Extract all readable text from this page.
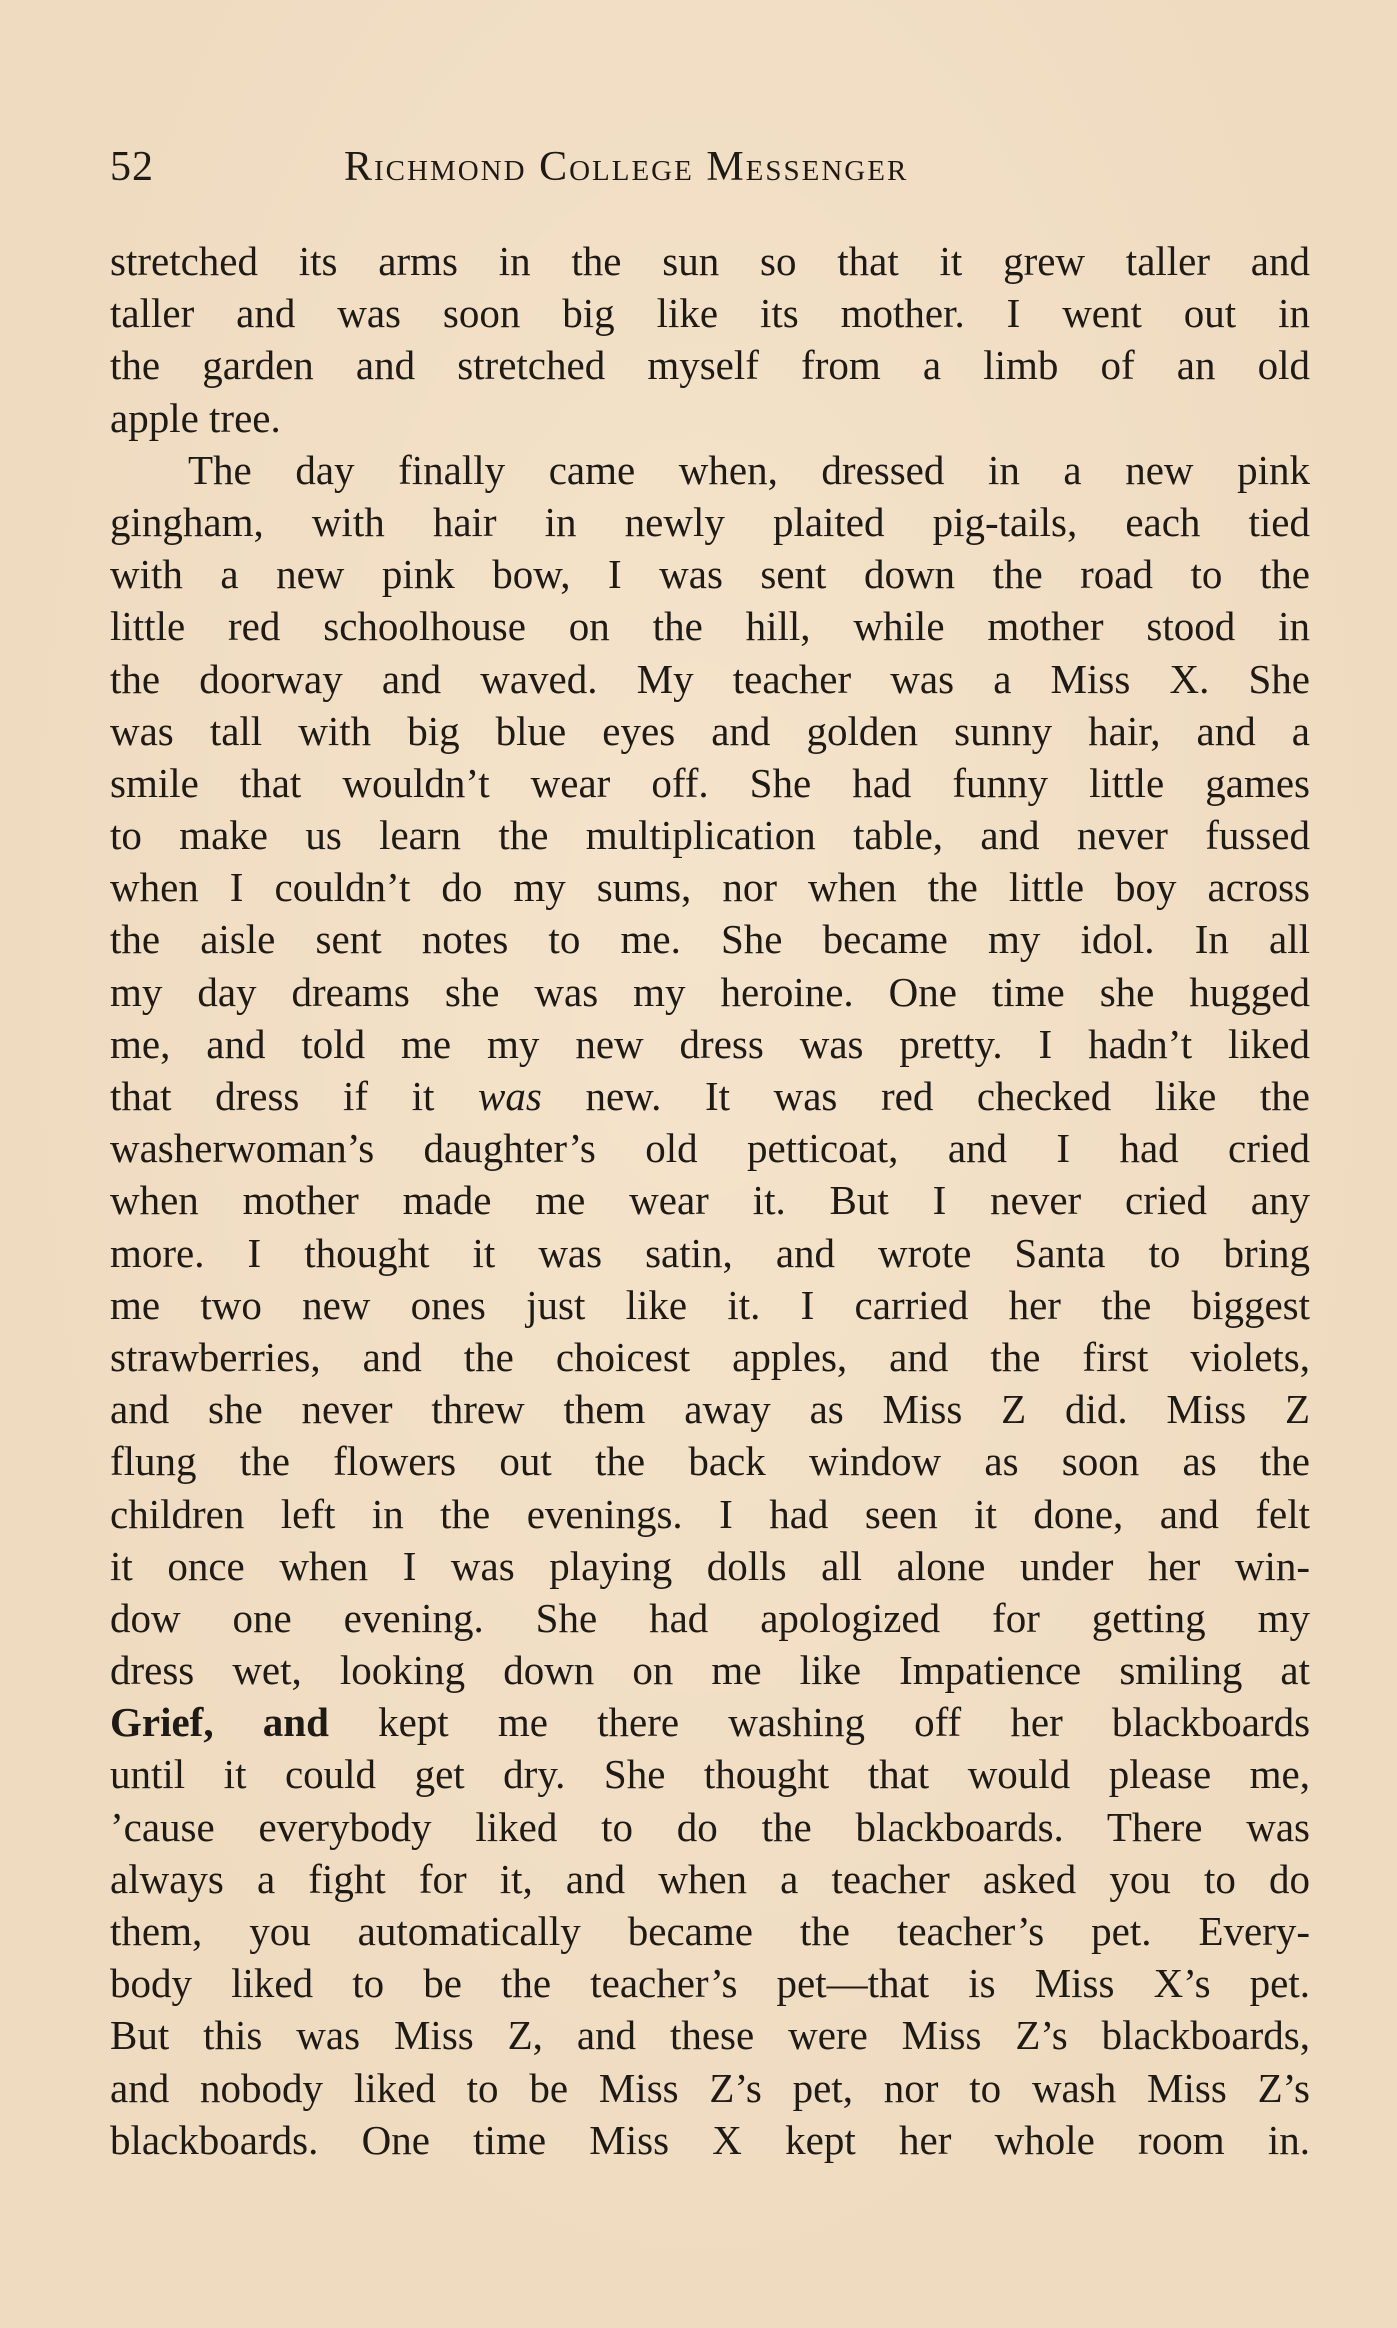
52	Richmond College Messenger
stretched its arms in the sun so that it grew taller and
taller and was soon big like its mother. I went out in
the garden and stretched myself from a limb of an old
apple tree.
The day finally came when, dressed in a new pink
gingham, with hair in newly plaited pig-tails, each tied
with a new pink bow, I was sent down the road to the
little red schoolhouse on the hill, while mother stood in
the doorway and waved. My teacher was a Miss X. She
was tall with big blue eyes and golden sunny hair, and a
smile that wouldn’t wear off. She had funny little games
to make us learn the multiplication table, and never fussed
when I couldn’t do my sums, nor when the little boy across
the aisle sent notes to me. She became my idol. In all
my day dreams she was my heroine. One time she hugged
me, and told me my new dress was pretty. I hadn’t liked
that dress if it was new. It was red checked like the
washerwoman’s daughter’s old petticoat, and I had cried
when mother made me wear it. But I never cried any
more. I thought it was satin, and wrote Santa to bring
me two new ones just like it. I carried her the biggest
strawberries, and the choicest apples, and the first violets,
and she never threw them away as Miss Z did. Miss Z
flung the flowers out the back window as soon as the
children left in the evenings. I had seen it done, and felt
it once when I was playing dolls all alone under her win-
dow one evening. She had apologized for getting my
dress wet, looking down on me like Impatience smiling at
Grief, and kept me there washing off her blackboards
until it could get dry. She thought that would please me,
’cause everybody liked to do the blackboards. There was
always a fight for it, and when a teacher asked you to do
them, you automatically became the teacher’s pet. Every-
body liked to be the teacher’s pet—that is Miss X’s pet.
But this was Miss Z, and these were Miss Z’s blackboards,
and nobody liked to be Miss Z’s pet, nor to wash Miss Z’s
blackboards. One time Miss X kept her whole room in.
